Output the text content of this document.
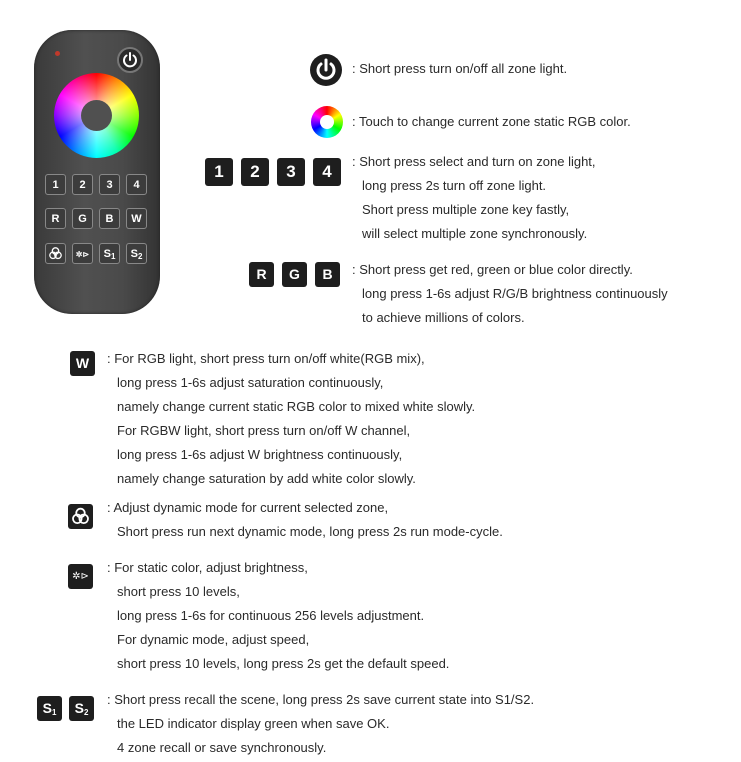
1	2	3	4
R	G	B	W
✲⊳	S1	S2
: Short press turn on/off all zone light.
: Touch to change current zone static RGB color.
1	2	3	4
: Short press select and turn on zone light,
long press 2s turn off zone light.
Short press multiple zone key fastly,
will select multiple zone synchronously.
R	G	B	: Short press get red, green or blue color directly.
long press 1-6s adjust R/G/B brightness continuously
to achieve millions of colors.
W	: For RGB light, short press turn on/off white(RGB mix),
long press 1-6s adjust saturation continuously,
namely change current static RGB color to mixed white slowly.
For RGBW light, short press turn on/off W channel,
long press 1-6s adjust W brightness continuously,
namely change saturation by add white color slowly.
: Adjust dynamic mode for current selected zone,
Short press run next dynamic mode, long press 2s run mode-cycle.
✲⊳
: For static color, adjust brightness,
short press 10 levels,
long press 1-6s for continuous 256 levels adjustment.
For dynamic mode, adjust speed,
short press 10 levels, long press 2s get the default speed.
S1	S2
: Short press recall the scene, long press 2s save current state into S1/S2.
the LED indicator display green when save OK.
4 zone recall or save synchronously.
